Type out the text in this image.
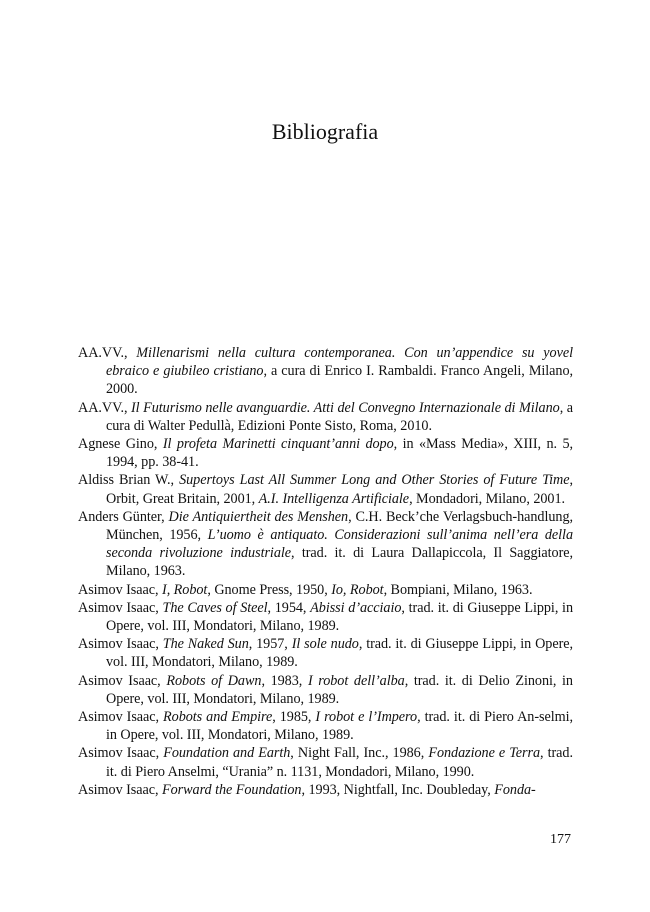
Bibliografia
AA.VV., Millenarismi nella cultura contemporanea. Con un’appendice su yovel ebraico e giubileo cristiano, a cura di Enrico I. Rambaldi. Franco Angeli, Milano, 2000.
AA.VV., Il Futurismo nelle avanguardie. Atti del Convegno Internazionale di Milano, a cura di Walter Pedullà, Edizioni Ponte Sisto, Roma, 2010.
Agnese Gino, Il profeta Marinetti cinquant’anni dopo, in «Mass Media», XIII, n. 5, 1994, pp. 38-41.
Aldiss Brian W., Supertoys Last All Summer Long and Other Stories of Future Time, Orbit, Great Britain, 2001, A.I. Intelligenza Artificiale, Mondadori, Milano, 2001.
Anders Günter, Die Antiquiertheit des Menshen, C.H. Beck’che Verlagsbuch-handlung, München, 1956, L’uomo è antiquato. Considerazioni sull’anima nell’era della seconda rivoluzione industriale, trad. it. di Laura Dallapiccola, Il Saggiatore, Milano, 1963.
Asimov Isaac, I, Robot, Gnome Press, 1950, Io, Robot, Bompiani, Milano, 1963.
Asimov Isaac, The Caves of Steel, 1954, Abissi d’acciaio, trad. it. di Giuseppe Lippi, in Opere, vol. III, Mondatori, Milano, 1989.
Asimov Isaac, The Naked Sun, 1957, Il sole nudo, trad. it. di Giuseppe Lippi, in Opere, vol. III, Mondatori, Milano, 1989.
Asimov Isaac, Robots of Dawn, 1983, I robot dell’alba, trad. it. di Delio Zinoni, in Opere, vol. III, Mondatori, Milano, 1989.
Asimov Isaac, Robots and Empire, 1985, I robot e l’Impero, trad. it. di Piero An-selmi, in Opere, vol. III, Mondatori, Milano, 1989.
Asimov Isaac, Foundation and Earth, Night Fall, Inc., 1986, Fondazione e Terra, trad. it. di Piero Anselmi, “Urania” n. 1131, Mondadori, Milano, 1990.
Asimov Isaac, Forward the Foundation, 1993, Nightfall, Inc. Doubleday, Fonda-
177
